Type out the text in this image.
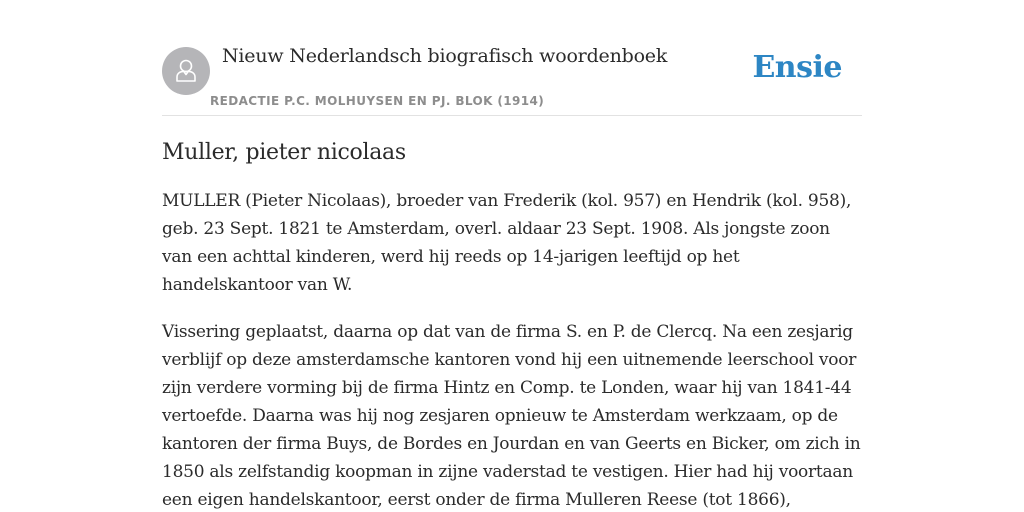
Nieuw Nederlandsch biografisch woordenboek
REDACTIE P.C. MOLHUYSEN EN PJ. BLOK (1914)
Ensie
Muller, pieter nicolaas

MULLER (Pieter Nicolaas), broeder van Frederik (kol. 957) en Hendrik (kol. 958), geb. 23 Sept. 1821 te Amsterdam, overl. aldaar 23 Sept. 1908. Als jongste zoon van een achttal kinderen, werd hij reeds op 14-jarigen leeftijd op het handelskantoor van W.

Vissering geplaatst, daarna op dat van de firma S. en P. de Clercq. Na een zesjarig verblijf op deze amsterdamsche kantoren vond hij een uitnemende leerschool voor zijn verdere vorming bij de firma Hintz en Comp. te Londen, waar hij van 1841-44 vertoefde. Daarna was hij nog zesjaren opnieuw te Amsterdam werkzaam, op de kantoren der firma Buys, de Bordes en Jourdan en van Geerts en Bicker, om zich in 1850 als zelfstandig koopman in zijne vaderstad te vestigen. Hier had hij voortaan een eigen handelskantoor, eerst onder de firma Mulleren Reese (tot 1866),
